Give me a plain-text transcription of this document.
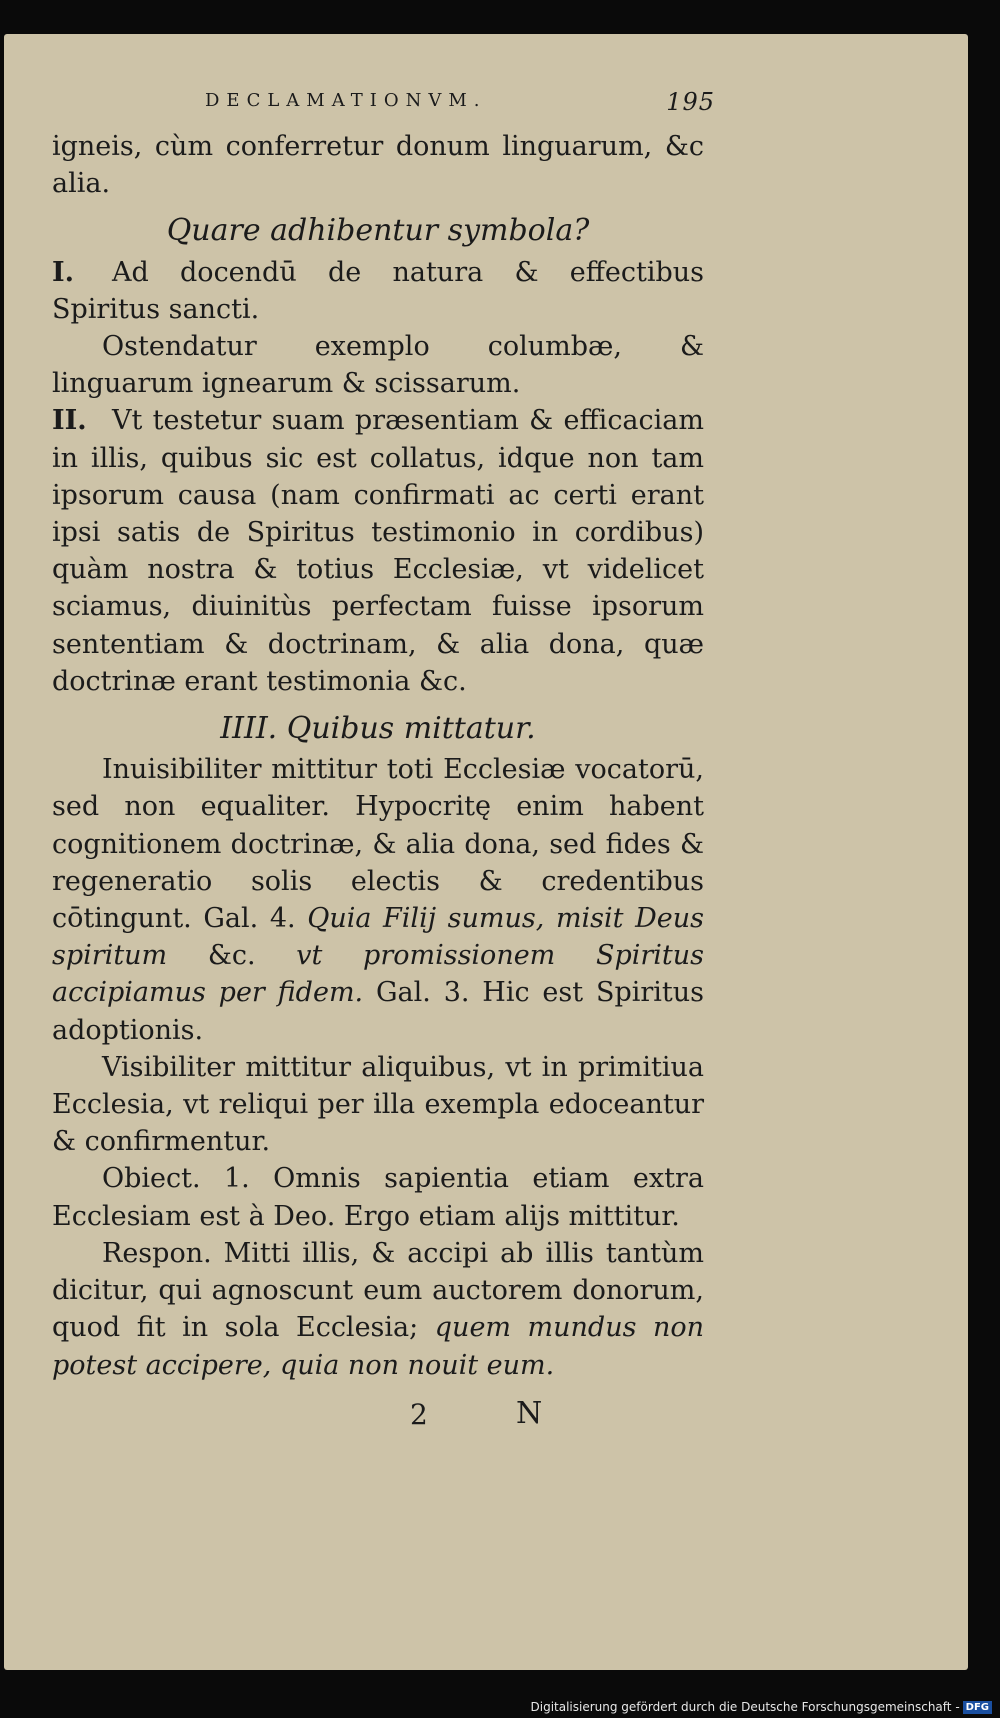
DECLAMATIONVM.	195

igneis, cùm conferretur donum linguarum, &c alia.

Quare adhibentur symbola?

I. Ad docendū de natura & effectibus Spiritus sancti.

Ostendatur exemplo columbæ, & linguarum ignearum & scissarum.

II. Vt testetur suam præsentiam & efficaciam in illis, quibus sic est collatus, idque non tam ipsorum causa (nam confirmati ac certi erant ipsi satis de Spiritus testimonio in cordibus) quàm nostra & totius Ecclesiæ, vt videlicet sciamus, diuinitùs perfectam fuisse ipsorum sententiam & doctrinam, & alia dona, quæ doctrinæ erant testimonia &c.

IIII. Quibus mittatur.

Inuisibiliter mittitur toti Ecclesiæ vocatorū, sed non equaliter. Hypocritę enim habent cognitionem doctrinæ, & alia dona, sed fides & regeneratio solis electis & credentibus cōtingunt. Gal. 4. Quia Filij sumus, misit Deus spiritum &c. vt promissionem Spiritus accipiamus per fidem. Gal. 3. Hic est Spiritus adoptionis.

Visibiliter mittitur aliquibus, vt in primitiua Ecclesia, vt reliqui per illa exempla edoceantur & confirmentur.

Obiect. 1. Omnis sapientia etiam extra Ecclesiam est à Deo. Ergo etiam alijs mittitur.

Respon. Mitti illis, & accipi ab illis tantùm dicitur, qui agnoscunt eum auctorem donorum, quod fit in sola Ecclesia; quem mundus non potest accipere, quia non nouit eum.

2	N
Digitalisierung gefördert durch die Deutsche Forschungsgemeinschaft - DFG
